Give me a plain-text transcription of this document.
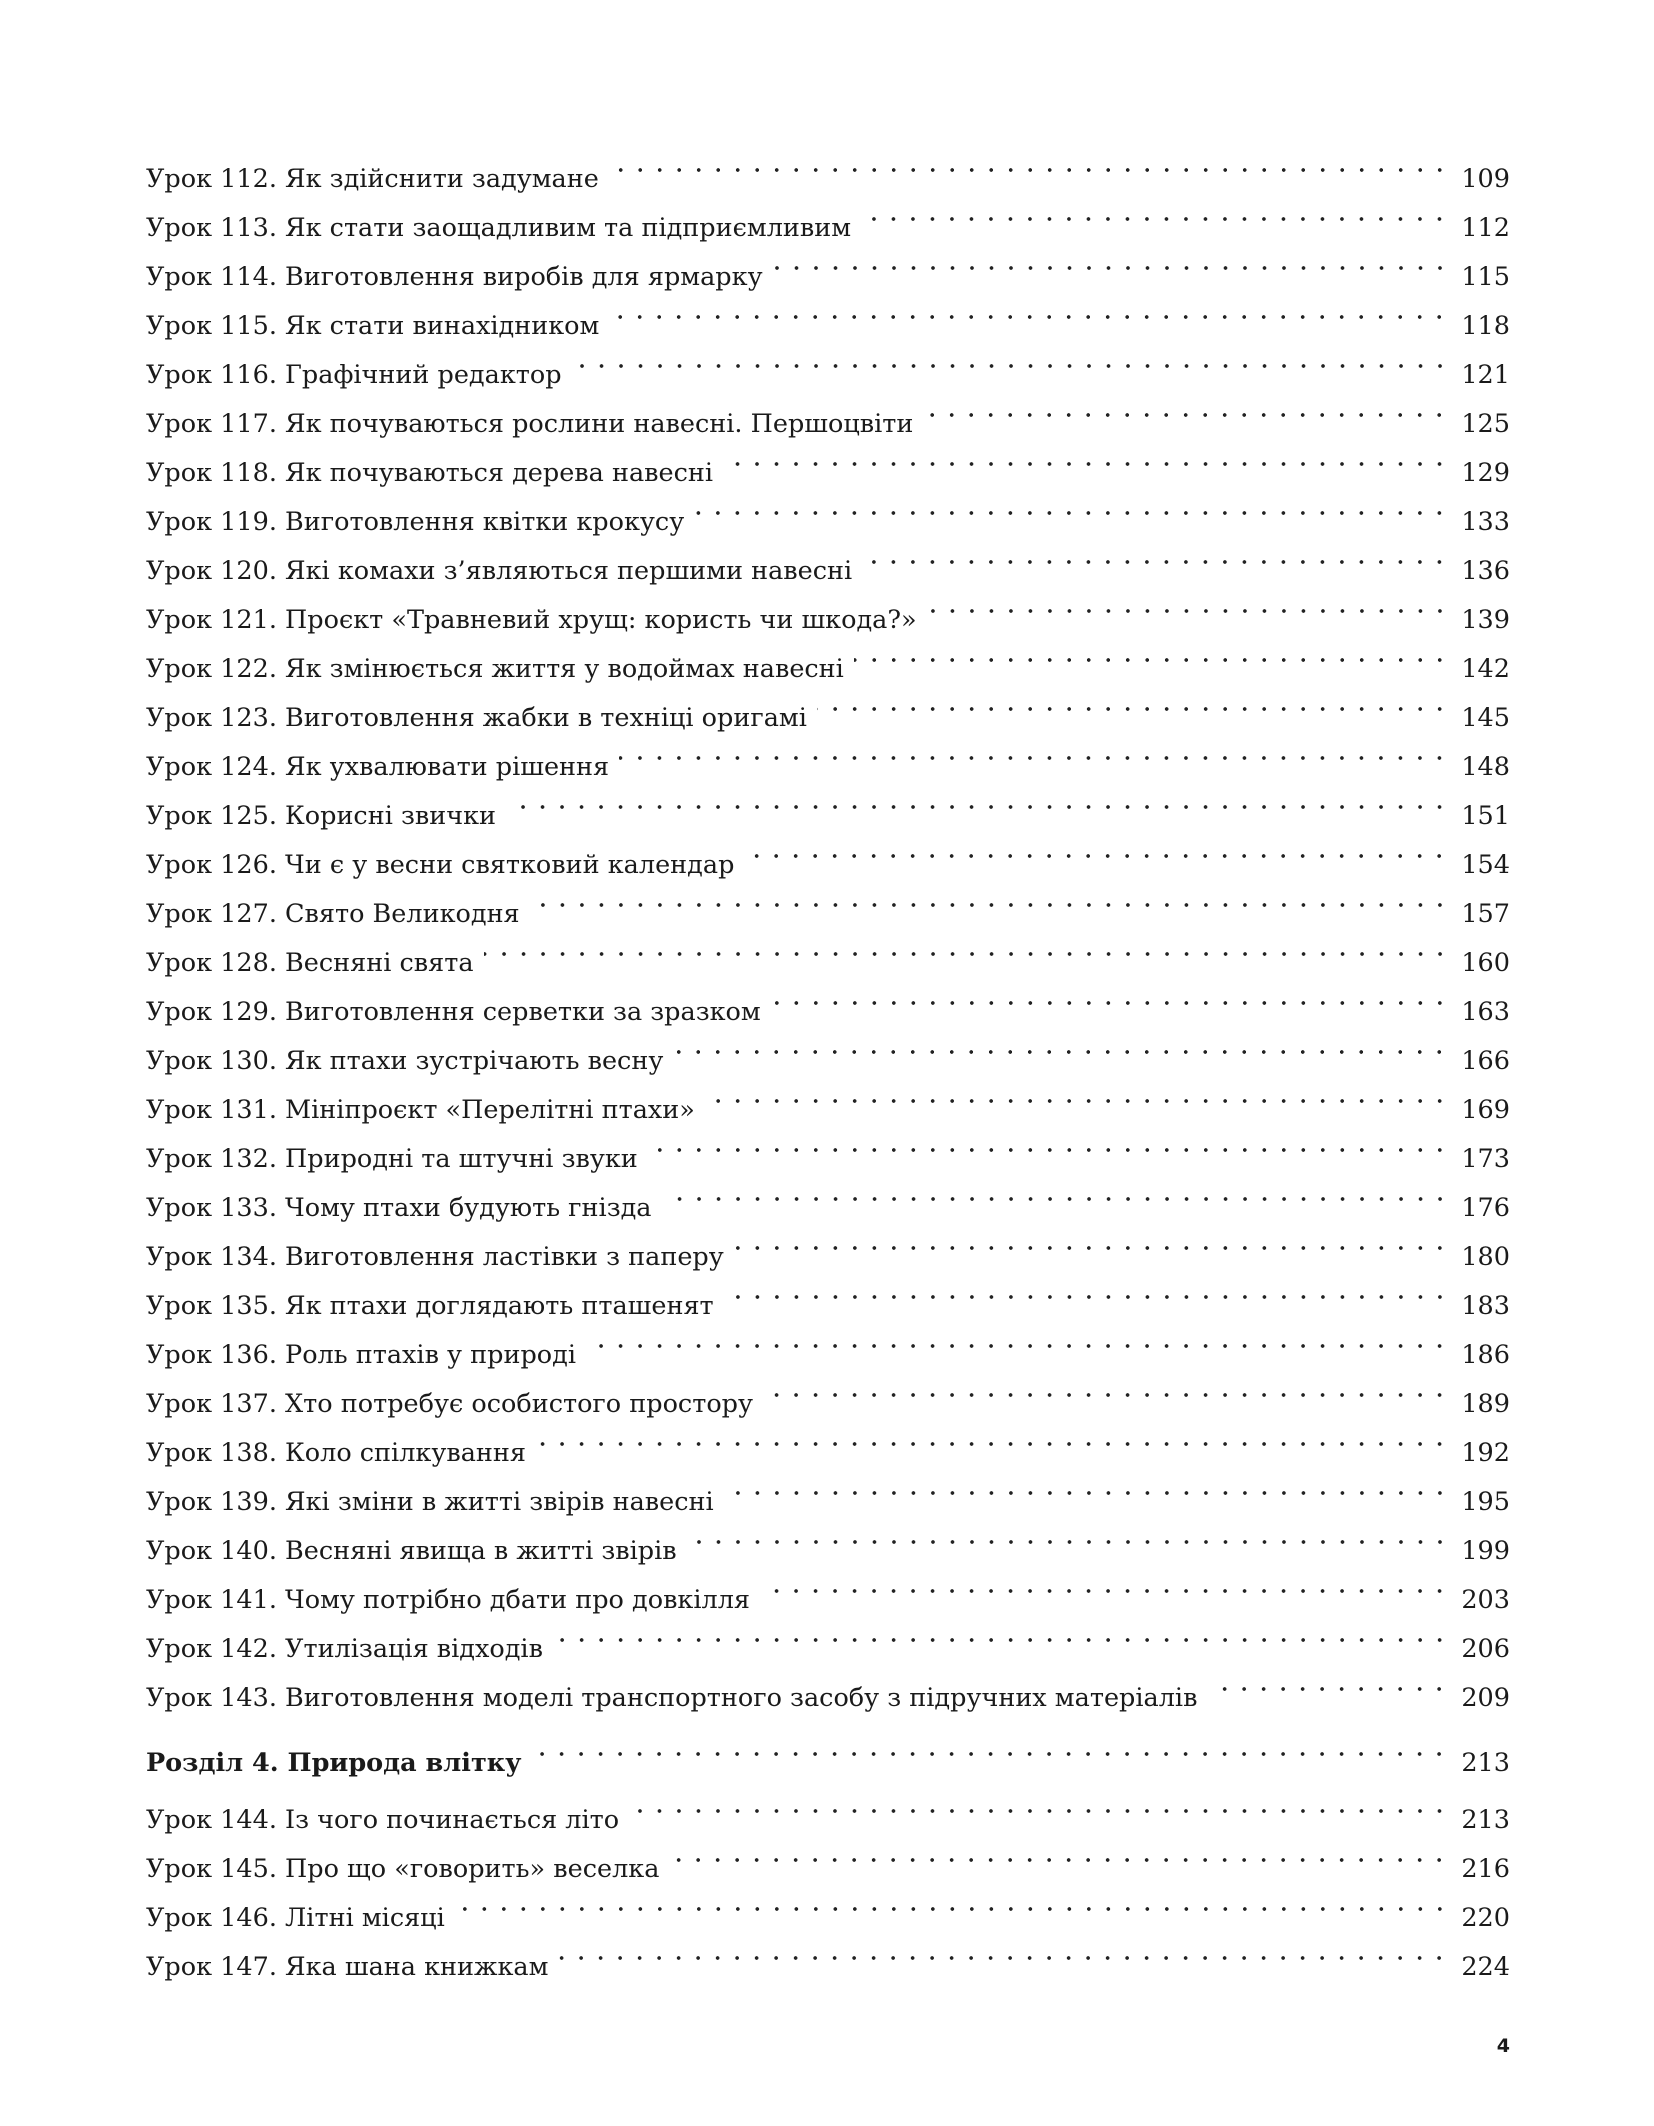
Урок 112. Як здійснити задумане	109
Урок 113. Як стати заощадливим та підприємливим	112
Урок 114. Виготовлення виробів для ярмарку	115
Урок 115. Як стати винахідником	118
Урок 116. Графічний редактор	121
Урок 117. Як почуваються рослини навесні. Першоцвіти	125
Урок 118. Як почуваються дерева навесні	129
Урок 119. Виготовлення квітки крокусу	133
Урок 120. Які комахи з’являються першими навесні	136
Урок 121. Проєкт «Травневий хрущ: користь чи шкода?»	139
Урок 122. Як змінюється життя у водоймах навесні	142
Урок 123. Виготовлення жабки в техніці оригамі	145
Урок 124. Як ухвалювати рішення	148
Урок 125. Корисні звички	151
Урок 126. Чи є у весни святковий календар	154
Урок 127. Свято Великодня	157
Урок 128. Весняні свята	160
Урок 129. Виготовлення серветки за зразком	163
Урок 130. Як птахи зустрічають весну	166
Урок 131. Мініпроєкт «Перелітні птахи»	169
Урок 132. Природні та штучні звуки	173
Урок 133. Чому птахи будують гнізда	176
Урок 134. Виготовлення ластівки з паперу	180
Урок 135. Як птахи доглядають пташенят	183
Урок 136. Роль птахів у природі	186
Урок 137. Хто потребує особистого простору	189
Урок 138. Коло спілкування	192
Урок 139. Які зміни в житті звірів навесні	195
Урок 140. Весняні явища в житті звірів	199
Урок 141. Чому потрібно дбати про довкілля	203
Урок 142. Утилізація відходів	206
Урок 143. Виготовлення моделі транспортного засобу з підручних матеріалів	209
Розділ 4. Природа влітку	213
Урок 144. Із чого починається літо	213
Урок 145. Про що «говорить» веселка	216
Урок 146. Літні місяці	220
Урок 147. Яка шана книжкам	224
4
